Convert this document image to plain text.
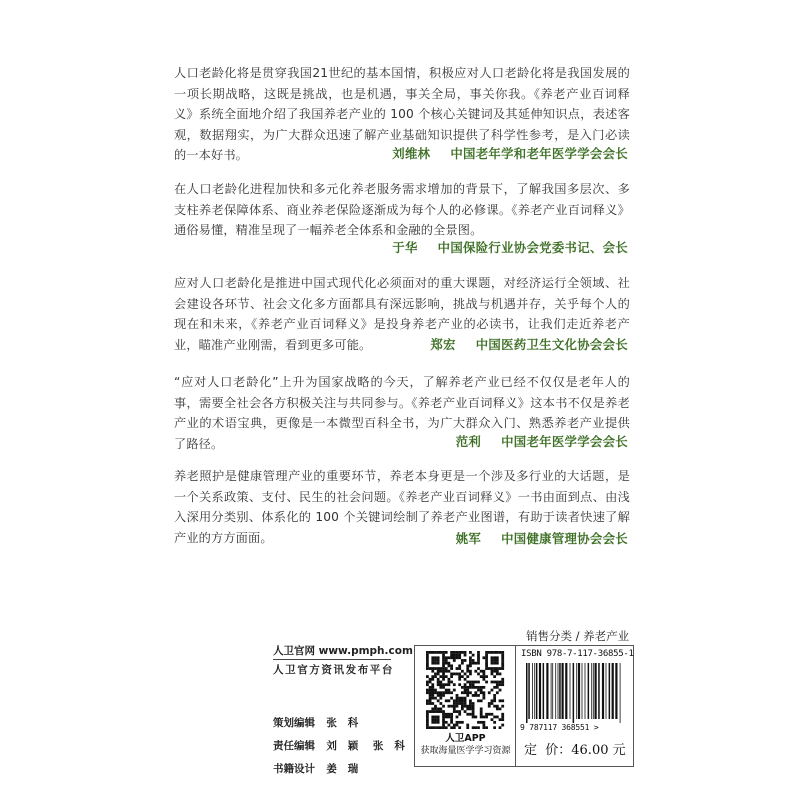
人口老龄化将是贯穿我国21世纪的基本国情，积极应对人口老龄化将是我国发展的一项长期战略，这既是挑战，也是机遇，事关全局，事关你我。《养老产业百词释义》系统全面地介绍了我国养老产业的 100 个核心关键词及其延伸知识点，表述客观，数据翔实，为广大群众迅速了解产业基础知识提供了科学性参考，是入门必读的一本好书。	刘维林 中国老年学和老年医学学会会长

在人口老龄化进程加快和多元化养老服务需求增加的背景下，了解我国多层次、多支柱养老保障体系、商业养老保险逐渐成为每个人的必修课。《养老产业百词释义》通俗易懂，精准呈现了一幅养老全体系和金融的全景图。

于华 中国保险行业协会党委书记、会长

应对人口老龄化是推进中国式现代化必须面对的重大课题，对经济运行全领域、社会建设各环节、社会文化多方面都具有深远影响，挑战与机遇并存，关乎每个人的现在和未来，《养老产业百词释义》是投身养老产业的必读书，让我们走近养老产业，瞄准产业刚需，看到更多可能。	郑宏 中国医药卫生文化协会会长

“应对人口老龄化”上升为国家战略的今天，了解养老产业已经不仅仅是老年人的事，需要全社会各方积极关注与共同参与。《养老产业百词释义》这本书不仅是养老产业的术语宝典，更像是一本微型百科全书，为广大群众入门、熟悉养老产业提供了路径。	范利 中国老年医学学会会长

养老照护是健康管理产业的重要环节，养老本身更是一个涉及多行业的大话题，是一个关系政策、支付、民生的社会问题。《养老产业百词释义》一书由面到点、由浅入深用分类别、体系化的 100 个关键词绘制了养老产业图谱，有助于读者快速了解产业的方方面面。	姚军 中国健康管理协会会长
销售分类 / 养老产业
人卫官网 www.pmph.com
人卫官方资讯发布平台
策划编辑 张   科
责任编辑 刘   颖    张   科
书籍设计 姜   瑞
人卫APP
获取海量医学学习资源
ISBN 978-7-117-36855-1
9 787117 368551 >
定  价：46.00 元
